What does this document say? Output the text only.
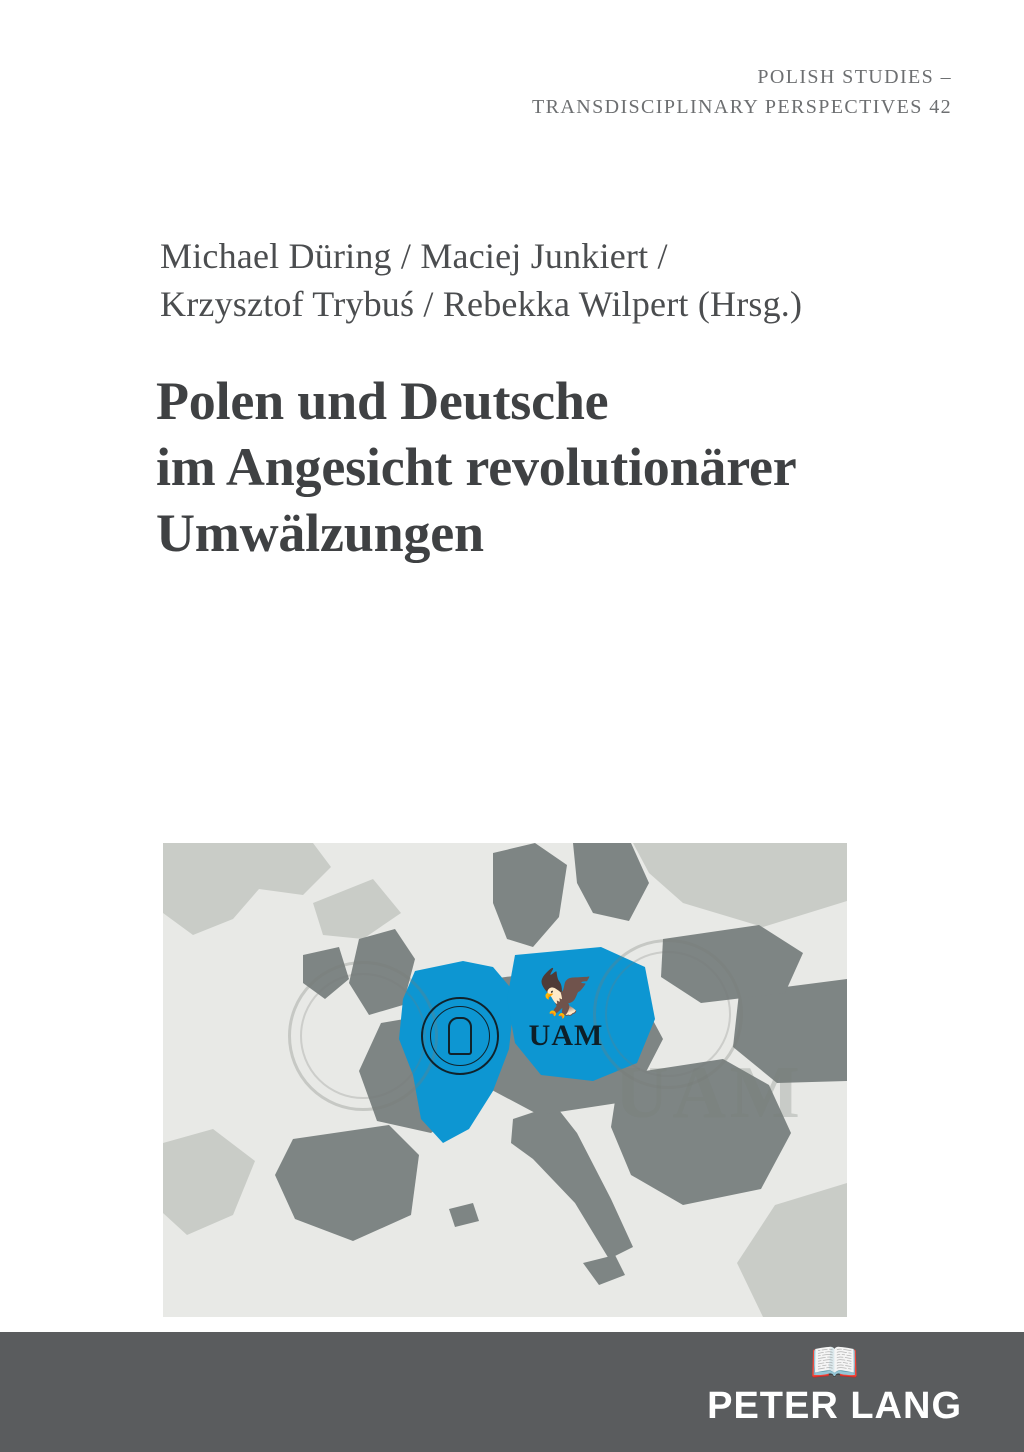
POLISH STUDIES –
TRANSDISCIPLINARY PERSPECTIVES 42
Michael Düring / Maciej Junkiert /
Krzysztof Trybuś / Rebekka Wilpert (Hrsg.)
Polen und Deutsche
im Angesicht revolutionärer
Umwälzungen
UAM
🦅
UAM
📖
PETER LANG
